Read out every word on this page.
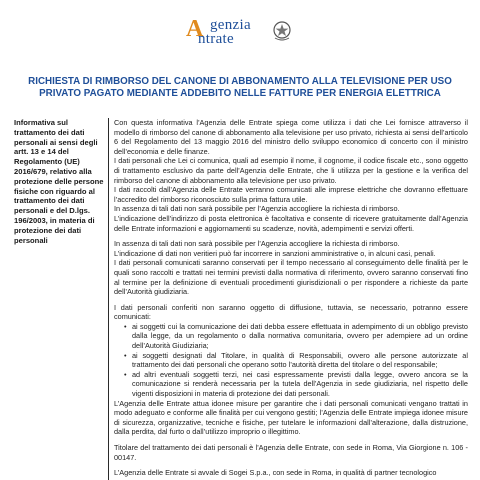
A genzia
ntrate
RICHIESTA DI RIMBORSO DEL CANONE DI ABBONAMENTO ALLA TELEVISIONE PER USO PRIVATO PAGATO MEDIANTE ADDEBITO NELLE FATTURE PER ENERGIA ELETTRICA
Informativa sul trattamento dei dati personali ai sensi degli artt. 13 e 14 del Regolamento (UE) 2016/679, relativo alla protezione delle persone fisiche con riguardo al trattamento dei dati personali e del D.lgs. 196/2003, in materia di protezione dei dati personali

Con questa informativa l’Agenzia delle Entrate spiega come utilizza i dati che Lei fornisce attraverso il modello di rimborso del canone di abbonamento alla televisione per uso privato, richiesta ai sensi dell’articolo 6 del Regolamento del 13 maggio 2016 del ministro dello sviluppo economico di concerto con il ministro dell’economia e delle finanze.

I dati personali che Lei ci comunica, quali ad esempio il nome, il cognome, il codice fiscale etc., sono oggetto di trattamento esclusivo da parte dell’Agenzia delle Entrate, che li utilizza per la gestione e la verifica del rimborso del canone di abbonamento alla televisione per uso privato.

I dati raccolti dall’Agenzia delle Entrate verranno comunicati alle imprese elettriche che dovranno effettuare l’accredito del rimborso riconosciuto sulla prima fattura utile.

In assenza di tali dati non sarà possibile per l’Agenzia accogliere la richiesta di rimborso.

L’indicazione dell’indirizzo di posta elettronica è facoltativa e consente di ricevere gratuitamente dall’Agenzia delle Entrate informazioni e aggiornamenti su scadenze, novità, adempimenti e servizi offerti.

In assenza di tali dati non sarà possibile per l’Agenzia accogliere la richiesta di rimborso.

L’indicazione di dati non veritieri può far incorrere in sanzioni amministrative o, in alcuni casi, penali.

I dati personali comunicati saranno conservati per il tempo necessario al conseguimento delle finalità per le quali sono raccolti e trattati nei termini previsti dalla normativa di riferimento, ovvero saranno conservati fino al termine per la definizione di eventuali procedimenti giurisdizionali o per rispondere a richieste da parte dell’Autorità giudiziaria.

I dati personali conferiti non saranno oggetto di diffusione, tuttavia, se necessario, potranno essere comunicati:

• ai soggetti cui la comunicazione dei dati debba essere effettuata in adempimento di un obbligo previsto dalla legge, da un regolamento o dalla normativa comunitaria, ovvero per adempiere ad un ordine dell’Autorità Giudiziaria;
• ai soggetti designati dal Titolare, in qualità di Responsabili, ovvero alle persone autorizzate al trattamento dei dati personali che operano sotto l’autorità diretta del titolare o del responsabile;
• ad altri eventuali soggetti terzi, nei casi espressamente previsti dalla legge, ovvero ancora se la comunicazione si renderà necessaria per la tutela dell’Agenzia in sede giudiziaria, nel rispetto delle vigenti disposizioni in materia di protezione dei dati personali.

L’Agenzia delle Entrate attua idonee misure per garantire che i dati personali comunicati vengano trattati in modo adeguato e conforme alle finalità per cui vengono gestiti; l’Agenzia delle Entrate impiega idonee misure di sicurezza, organizzative, tecniche e fisiche, per tutelare le informazioni dall’alterazione, dalla distruzione, dalla perdita, dal furto o dall’utilizzo improprio o illegittimo.

Titolare del trattamento dei dati personali è l’Agenzia delle Entrate, con sede in Roma, Via Giorgione n. 106 - 00147.

L’Agenzia delle Entrate si avvale di Sogei S.p.a., con sede in Roma, in qualità di partner tecnologico
